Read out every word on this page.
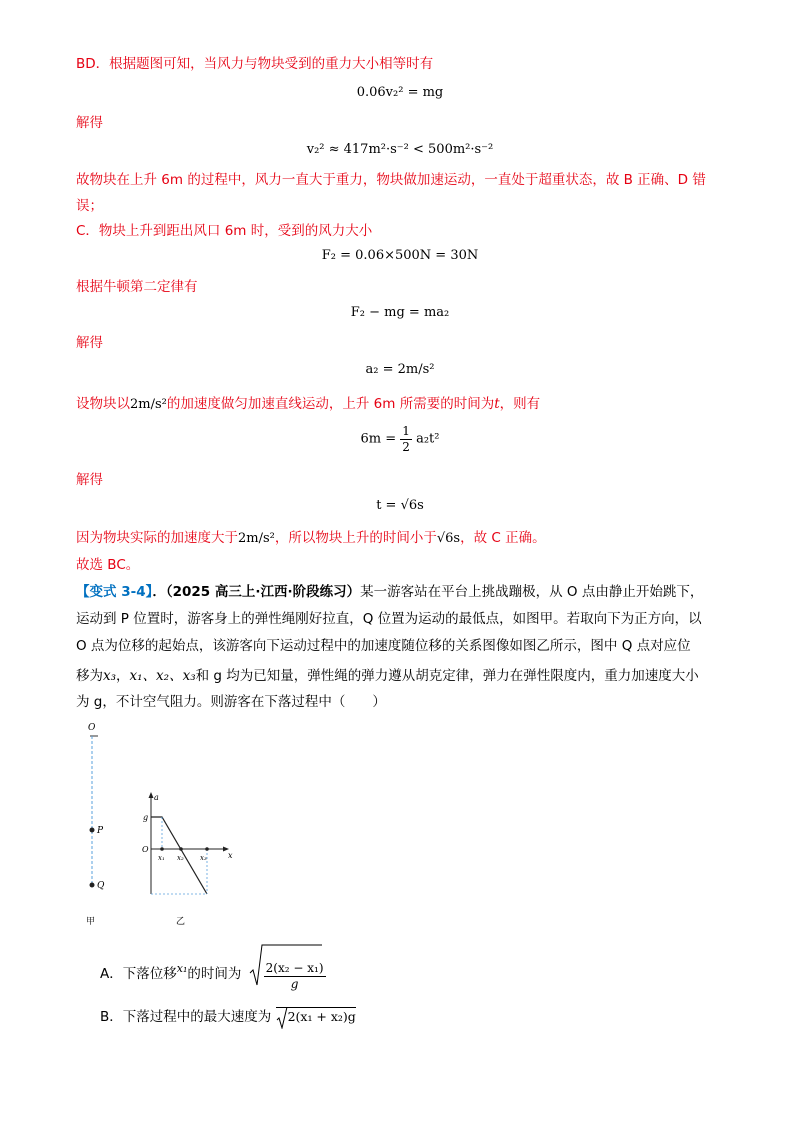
BD．根据题图可知，当风力与物块受到的重力大小相等时有
0.06v₂² = mg
解得
v₂² ≈ 417m²·s⁻² < 500m²·s⁻²
故物块在上升 6m 的过程中，风力一直大于重力，物块做加速运动，一直处于超重状态，故 B 正确、D 错
误；
C．物块上升到距出风口 6m 时，受到的风力大小
F₂ = 0.06×500N = 30N
根据牛顿第二定律有
F₂ − mg = ma₂
解得
a₂ = 2m/s²
设物块以2m/s²的加速度做匀加速直线运动，上升 6m 所需要的时间为t，则有
$6m = \frac{1}{2} a_2t^2$
解得
t = √6s
因为物块实际的加速度大于2m/s²，所以物块上升的时间小于√6s，故 C 正确。
故选 BC。
【变式 3-4】．（2025 高三上·江西·阶段练习）某一游客站在平台上挑战蹦极，从 O 点由静止开始跳下，
运动到 P 位置时，游客身上的弹性绳刚好拉直，Q 位置为运动的最低点，如图甲。若取向下为正方向，以
O 点为位移的起始点，该游客向下运动过程中的加速度随位移的关系图像如图乙所示，图中 Q 点对应位
移为x₃，x₁、x₂、x₃和 g 均为已知量，弹性绳的弹力遵从胡克定律，弹力在弹性限度内，重力加速度大小
为 g，不计空气阻力。则游客在下落过程中（　　）
O
P
Q
甲
a
g
O
x
x₁ x₂ x₃
乙
A．下落位移$^{x_1}$的时间为 $\frac{\text{2(x₂ − x₁)}}{g}$
B．下落过程中的最大速度为 2(x₁ + x₂)g
